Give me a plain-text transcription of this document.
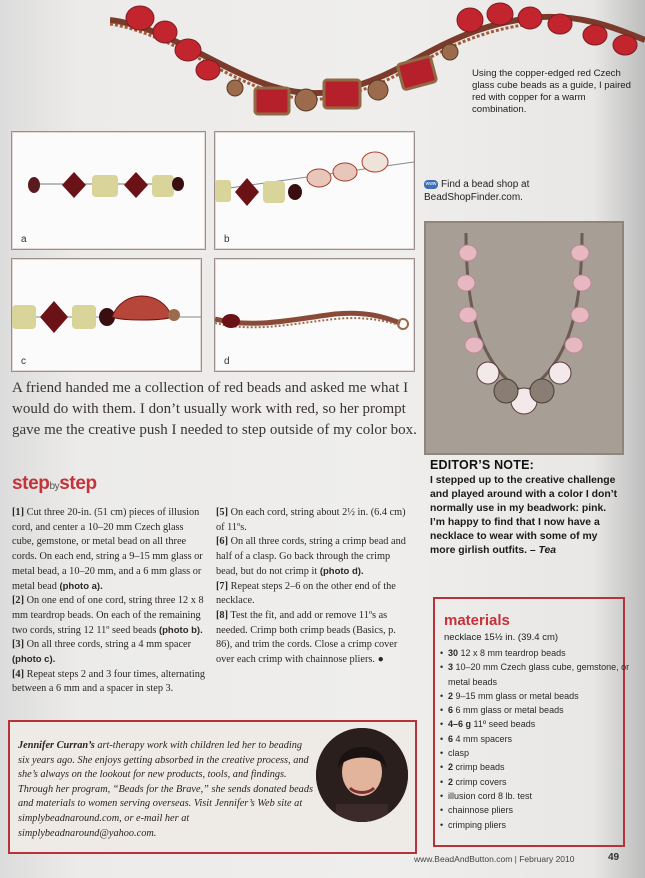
Using the copper-edged red Czech glass cube beads as a guide, I paired red with copper for a warm combination.
a	b
c	d
www Find a bead shop at
BeadShopFinder.com.
EDITOR’S NOTE:

I stepped up to the creative challenge and played around with a color I don’t normally use in my beadwork: pink. I’m happy to find that I now have a necklace to wear with some of my more girlish outfits. – Tea

A friend handed me a collection of red beads and asked me what I would do with them. I don’t usually work with red, so her prompt gave me the creative push I needed to step outside of my color box.
stepbystep

[1] Cut three 20-in. (51 cm) pieces of illusion cord, and center a 10–20 mm Czech glass cube, gemstone, or metal bead on all three cords. On each end, string a 9–15 mm glass or metal bead, a 10–20 mm, and a 6 mm glass or metal bead (photo a).

[2] On one end of one cord, string three 12 x 8 mm teardrop beads. On each of the remaining two cords, string 12 11º seed beads (photo b).

[3] On all three cords, string a 4 mm spacer (photo c).

[4] Repeat steps 2 and 3 four times, alternating between a 6 mm and a spacer in step 3.

[5] On each cord, string about 2½ in. (6.4 cm) of 11ºs.

[6] On all three cords, string a crimp bead and half of a clasp. Go back through the crimp bead, but do not crimp it (photo d).

[7] Repeat steps 2–6 on the other end of the necklace.

[8] Test the fit, and add or remove 11ºs as needed. Crimp both crimp beads (Basics, p. 86), and trim the cords. Close a crimp cover over each crimp with chainnose pliers. ●

Jennifer Curran’s art-therapy work with children led her to beading six years ago. She enjoys getting absorbed in the creative process, and she’s always on the lookout for new products, tools, and findings. Through her program, “Beads for the Brave,” she sends donated beads and materials to women serving overseas. Visit Jennifer’s Web site at simplybeadnaround.com, or e-mail her at simplybeadnaround@yahoo.com.
materials
necklace 15½ in. (39.4 cm)
• 30 12 x 8 mm teardrop beads
• 3 10–20 mm Czech glass cube, gemstone, or metal beads
• 2 9–15 mm glass or metal beads
• 6 6 mm glass or metal beads
• 4–6 g 11º seed beads
• 6 4 mm spacers
• clasp
• 2 crimp beads
• 2 crimp covers
• illusion cord 8 lb. test
• chainnose pliers
• crimping pliers
www.BeadAndButton.com | February 2010	49
